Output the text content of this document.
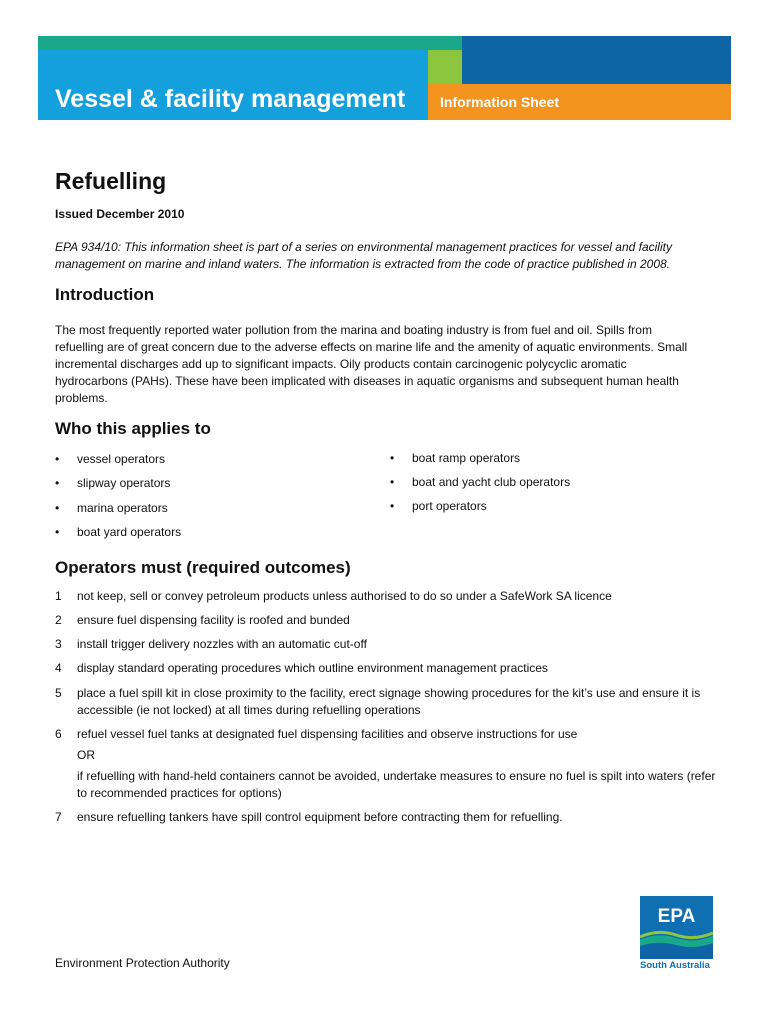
Vessel & facility management Information Sheet
Refuelling
Issued December 2010
EPA 934/10: This information sheet is part of a series on environmental management practices for vessel and facility
management on marine and inland waters. The information is extracted from the code of practice published in 2008.
Introduction
The most frequently reported water pollution from the marina and boating industry is from fuel and oil. Spills from
refuelling are of great concern due to the adverse effects on marine life and the amenity of aquatic environments. Small
incremental discharges add up to significant impacts. Oily products contain carcinogenic polycyclic aromatic
hydrocarbons (PAHs). These have been implicated with diseases in aquatic organisms and subsequent human health
problems.
Who this applies to
• vessel operators
• slipway operators
• marina operators
• boat yard operators
• boat ramp operators
• boat and yacht club operators
• port operators
Operators must (required outcomes)
1 not keep, sell or convey petroleum products unless authorised to do so under a SafeWork SA licence
2 ensure fuel dispensing facility is roofed and bunded
3 install trigger delivery nozzles with an automatic cut-off
4 display standard operating procedures which outline environment management practices
5 place a fuel spill kit in close proximity to the facility, erect signage showing procedures for the kit’s use and ensure it is accessible (ie not locked) at all times during refuelling operations
6 refuel vessel fuel tanks at designated fuel dispensing facilities and observe instructions for use
OR
if refuelling with hand-held containers cannot be avoided, undertake measures to ensure no fuel is spilt into waters (refer to recommended practices for options)
7 ensure refuelling tankers have spill control equipment before contracting them for refuelling.
Environment Protection Authority
EPA
South Australia
